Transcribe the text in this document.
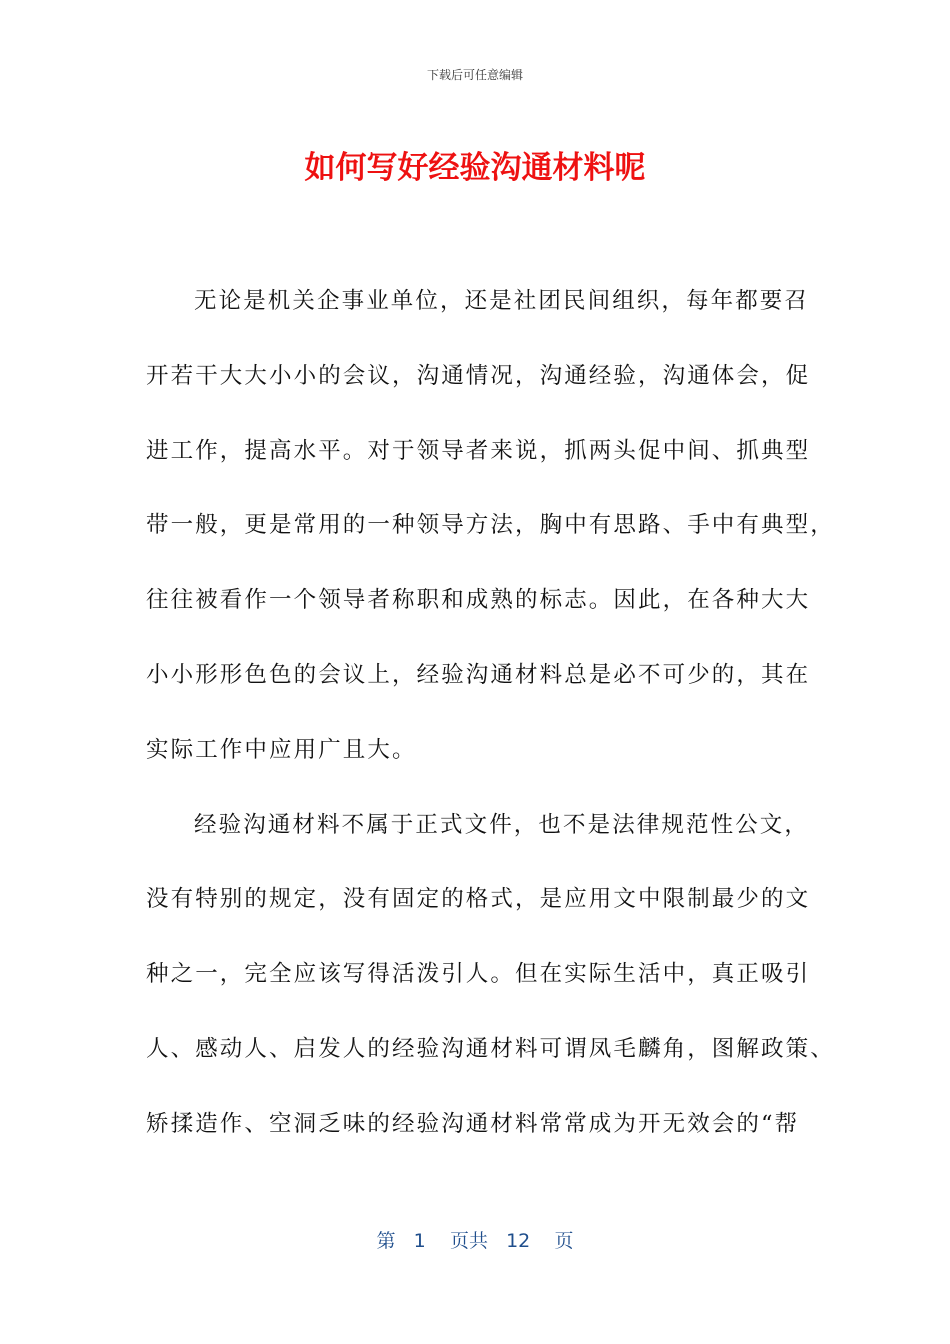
下载后可任意编辑
如何写好经验沟通材料呢
无论是机关企事业单位，还是社团民间组织，每年都要召
开若干大大小小的会议，沟通情况，沟通经验，沟通体会，促
进工作，提高水平。对于领导者来说，抓两头促中间、抓典型
带一般，更是常用的一种领导方法，胸中有思路、手中有典型，
往往被看作一个领导者称职和成熟的标志。因此，在各种大大
小小形形色色的会议上，经验沟通材料总是必不可少的，其在
实际工作中应用广且大。
经验沟通材料不属于正式文件，也不是法律规范性公文，
没有特别的规定，没有固定的格式，是应用文中限制最少的文
种之一，完全应该写得活泼引人。但在实际生活中，真正吸引
人、感动人、启发人的经验沟通材料可谓凤毛麟角，图解政策、
矫揉造作、空洞乏味的经验沟通材料常常成为开无效会的“帮
第 1 页共 12 页
